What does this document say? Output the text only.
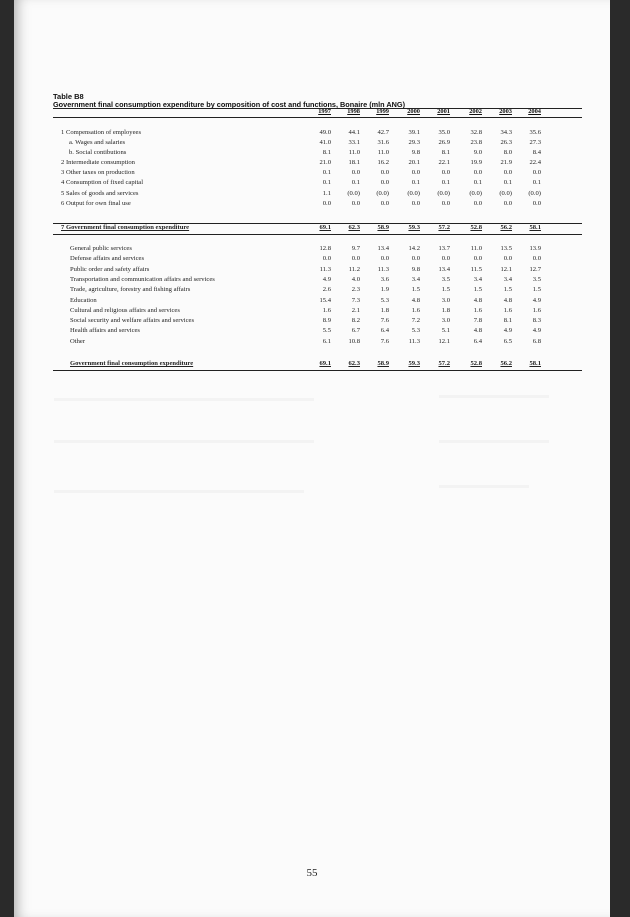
Table B8
Government final consumption expenditure by composition of cost and functions, Bonaire (mln ANG)
1997	1998	1999	2000	2001	2002	2003	2004
1 Compensation of employees	49.0	44.1	42.7	39.1	35.0	32.8	34.3	35.6
a. Wages and salaries	41.0	33.1	31.6	29.3	26.9	23.8	26.3	27.3
b. Social contibutions	8.1	11.0	11.0	9.8	8.1	9.0	8.0	8.4
2 Intermediate consumption	21.0	18.1	16.2	20.1	22.1	19.9	21.9	22.4
3 Other taxes on production	0.1	0.0	0.0	0.0	0.0	0.0	0.0	0.0
4 Consumption of fixed capital	0.1	0.1	0.0	0.1	0.1	0.1	0.1	0.1
5 Sales of goods and services	1.1	(0.0)	(0.0)	(0.0)	(0.0)	(0.0)	(0.0)	(0.0)
6 Output for own final use	0.0	0.0	0.0	0.0	0.0	0.0	0.0	0.0
7 Government final consumption expenditure	69.1	62.3	58.9	59.3	57.2	52.8	56.2	58.1
General public services	12.8	9.7	13.4	14.2	13.7	11.0	13.5	13.9
Defense affairs and services	0.0	0.0	0.0	0.0	0.0	0.0	0.0	0.0
Public order and safety affairs	11.3	11.2	11.3	9.8	13.4	11.5	12.1	12.7
Transportation and communication affairs and services	4.9	4.0	3.6	3.4	3.5	3.4	3.4	3.5
Trade, agriculture, forestry and fishing affairs	2.6	2.3	1.9	1.5	1.5	1.5	1.5	1.5
Education	15.4	7.3	5.3	4.8	3.0	4.8	4.8	4.9
Cultural and religious affairs and services	1.6	2.1	1.8	1.6	1.8	1.6	1.6	1.6
Social security and welfare affairs and services	8.9	8.2	7.6	7.2	3.0	7.8	8.1	8.3
Health affairs and services	5.5	6.7	6.4	5.3	5.1	4.8	4.9	4.9
Other	6.1	10.8	7.6	11.3	12.1	6.4	6.5	6.8
Government final consumption expenditure	69.1	62.3	58.9	59.3	57.2	52.8	56.2	58.1
55
